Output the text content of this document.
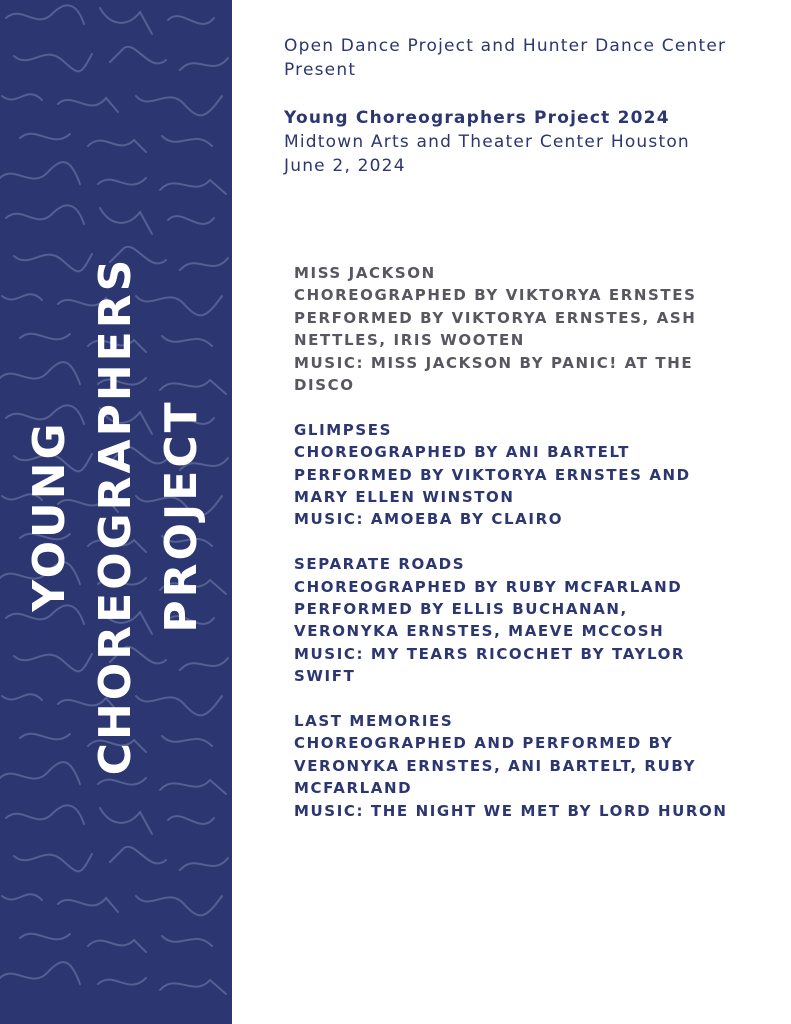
YOUNG CHOREOGRAPHERS PROJECT

Open Dance Project and Hunter Dance Center Present

Young Choreographers Project 2024

Midtown Arts and Theater Center Houston

June 2, 2024

MISS JACKSON
CHOREOGRAPHED BY VIKTORYA ERNSTES
PERFORMED BY VIKTORYA ERNSTES, ASH NETTLES, IRIS WOOTEN
MUSIC: MISS JACKSON BY PANIC! AT THE DISCO
GLIMPSES
CHOREOGRAPHED BY ANI BARTELT
PERFORMED BY VIKTORYA ERNSTES AND MARY ELLEN WINSTON
MUSIC: AMOEBA BY CLAIRO
SEPARATE ROADS
CHOREOGRAPHED BY RUBY MCFARLAND
PERFORMED BY ELLIS BUCHANAN, VERONYKA ERNSTES, MAEVE MCCOSH
MUSIC: MY TEARS RICOCHET BY TAYLOR SWIFT
LAST MEMORIES
CHOREOGRAPHED AND PERFORMED BY VERONYKA ERNSTES, ANI BARTELT, RUBY MCFARLAND
MUSIC: THE NIGHT WE MET BY LORD HURON
